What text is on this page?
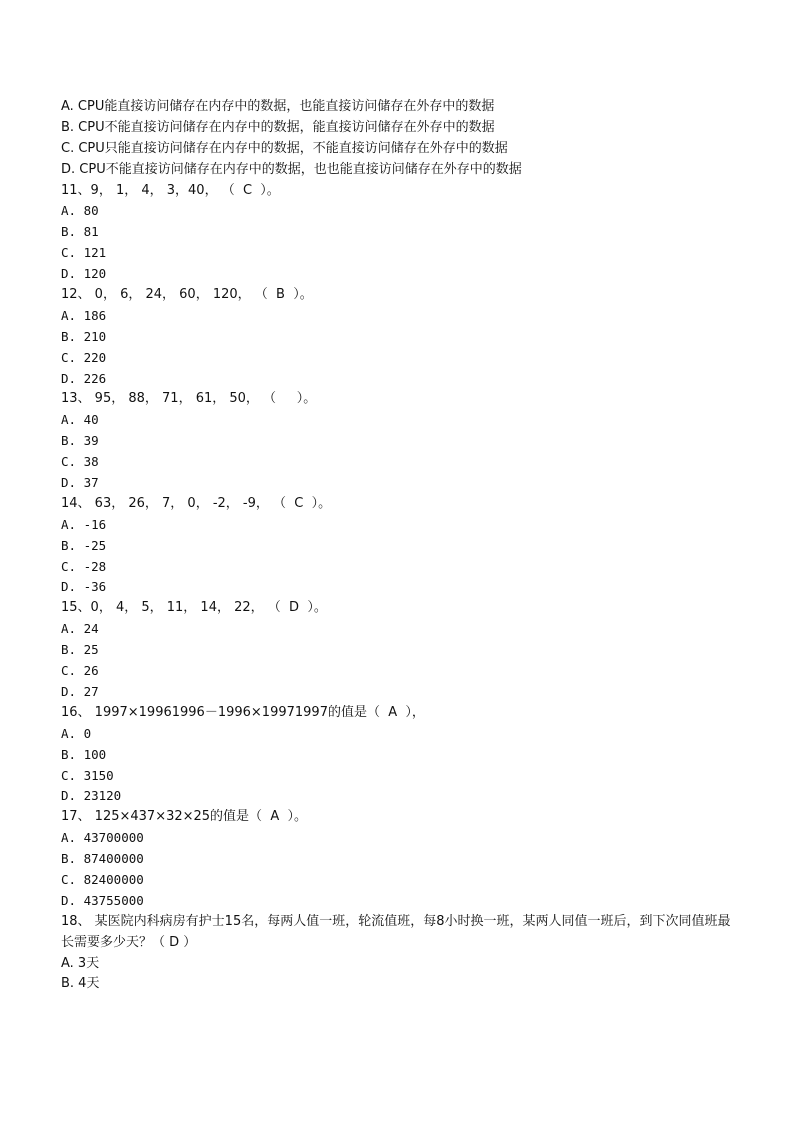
A. CPU能直接访问储存在内存中的数据，也能直接访问储存在外存中的数据
B. CPU不能直接访问储存在内存中的数据，能直接访问储存在外存中的数据
C. CPU只能直接访问储存在内存中的数据，不能直接访问储存在外存中的数据
D. CPU不能直接访问储存在内存中的数据，也也能直接访问储存在外存中的数据
11、9， 1， 4， 3，40， （  C  ）。
A. 80
B. 81
C. 121
D. 120
12、 0， 6， 24， 60， 120， （  B  ）。
A. 186
B. 210
C. 220
D. 226
13、 95， 88， 71， 61， 50， （     ）。
A. 40
B. 39
C. 38
D. 37
14、 63， 26， 7， 0， -2， -9， （  C  ）。
A. -16
B. -25
C. -28
D. -36
15、0， 4， 5， 11， 14， 22， （  D  ）。
A. 24
B. 25
C. 26
D. 27
16、 1997×19961996－1996×19971997的值是（  A  ），
A. 0
B. 100
C. 3150
D. 23120
17、 125×437×32×25的值是（  A  ）。
A. 43700000
B. 87400000
C. 82400000
D. 43755000
18、 某医院内科病房有护士15名，每两人值一班，轮流值班，每8小时换一班，某两人同值一班后，到下次同值班最长需要多少天？（ D ）
A. 3天
B. 4天
